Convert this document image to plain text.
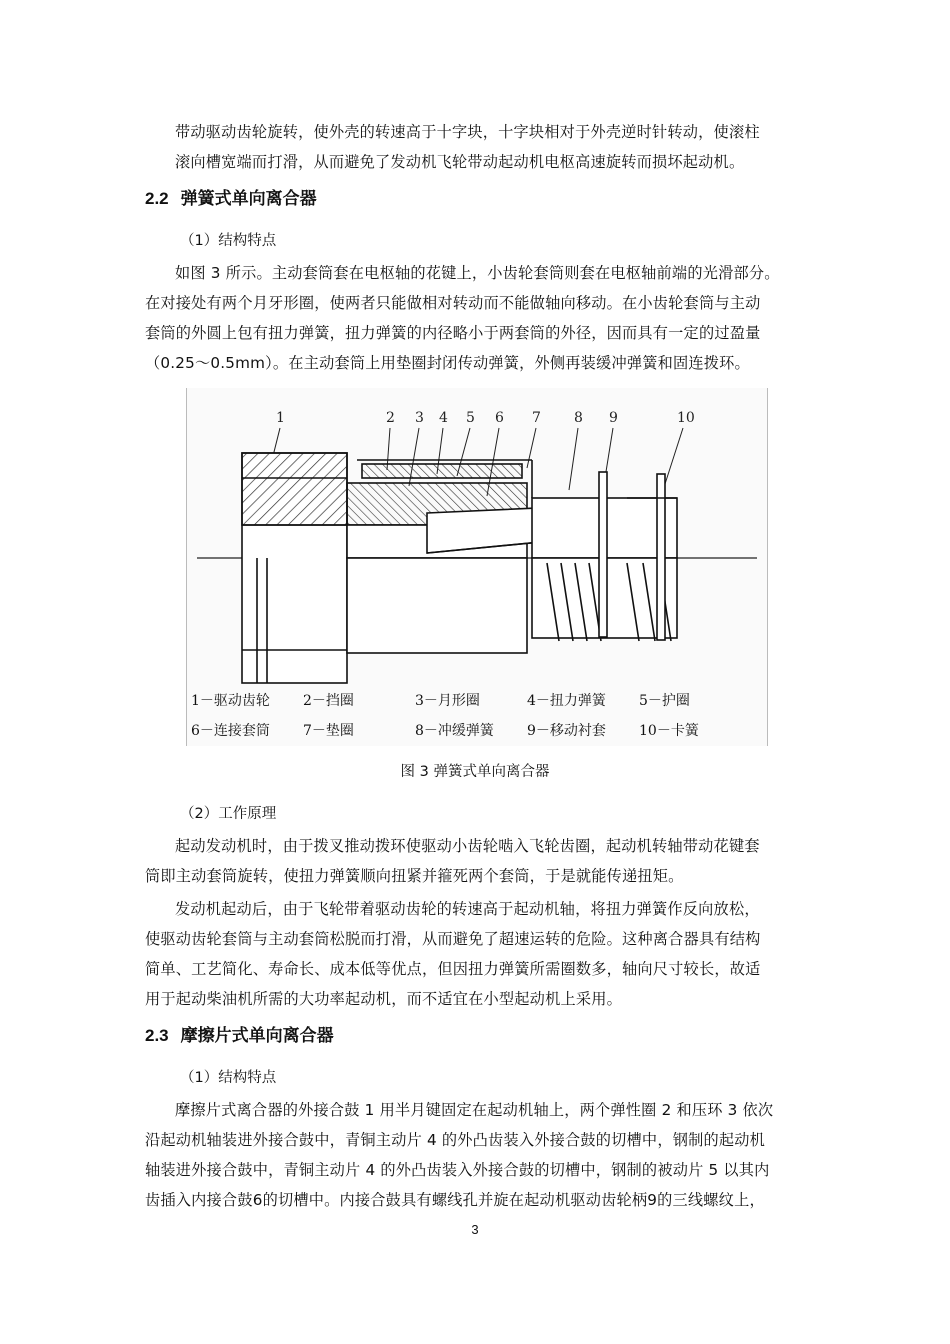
带动驱动齿轮旋转，使外壳的转速高于十字块，十字块相对于外壳逆时针转动，使滚柱
滚向槽宽端而打滑，从而避免了发动机飞轮带动起动机电枢高速旋转而损坏起动机。
2.2 弹簧式单向离合器
（1）结构特点
如图 3 所示。主动套筒套在电枢轴的花键上，小齿轮套筒则套在电枢轴前端的光滑部分。
在对接处有两个月牙形圈，使两者只能做相对转动而不能做轴向移动。在小齿轮套筒与主动
套筒的外圆上包有扭力弹簧，扭力弹簧的内径略小于两套筒的外径，因而具有一定的过盈量
（0.25～0.5mm）。在主动套筒上用垫圈封闭传动弹簧，外侧再装缓冲弹簧和固连拨环。
1	2 3 4 5 6 7 8 9	10
1－驱动齿轮 2－挡圈	3－月形圈	4－扭力弹簧 5－护圈
6－连接套筒 7－垫圈	8－冲缓弹簧 9－移动衬套 10－卡簧
图 3 弹簧式单向离合器
（2）工作原理
起动发动机时，由于拨叉推动拨环使驱动小齿轮啮入飞轮齿圈，起动机转轴带动花键套
筒即主动套筒旋转，使扭力弹簧顺向扭紧并箍死两个套筒，于是就能传递扭矩。
发动机起动后，由于飞轮带着驱动齿轮的转速高于起动机轴，将扭力弹簧作反向放松，
使驱动齿轮套筒与主动套筒松脱而打滑，从而避免了超速运转的危险。这种离合器具有结构
简单、工艺简化、寿命长、成本低等优点，但因扭力弹簧所需圈数多，轴向尺寸较长，故适
用于起动柴油机所需的大功率起动机，而不适宜在小型起动机上采用。
2.3 摩擦片式单向离合器
（1）结构特点
摩擦片式离合器的外接合鼓 1 用半月键固定在起动机轴上，两个弹性圈 2 和压环 3 依次
沿起动机轴装进外接合鼓中，青铜主动片 4 的外凸齿装入外接合鼓的切槽中，钢制的起动机
轴装进外接合鼓中，青铜主动片 4 的外凸齿装入外接合鼓的切槽中，钢制的被动片 5 以其内
齿插入内接合鼓6的切槽中。内接合鼓具有螺线孔并旋在起动机驱动齿轮柄9的三线螺纹上，
3
